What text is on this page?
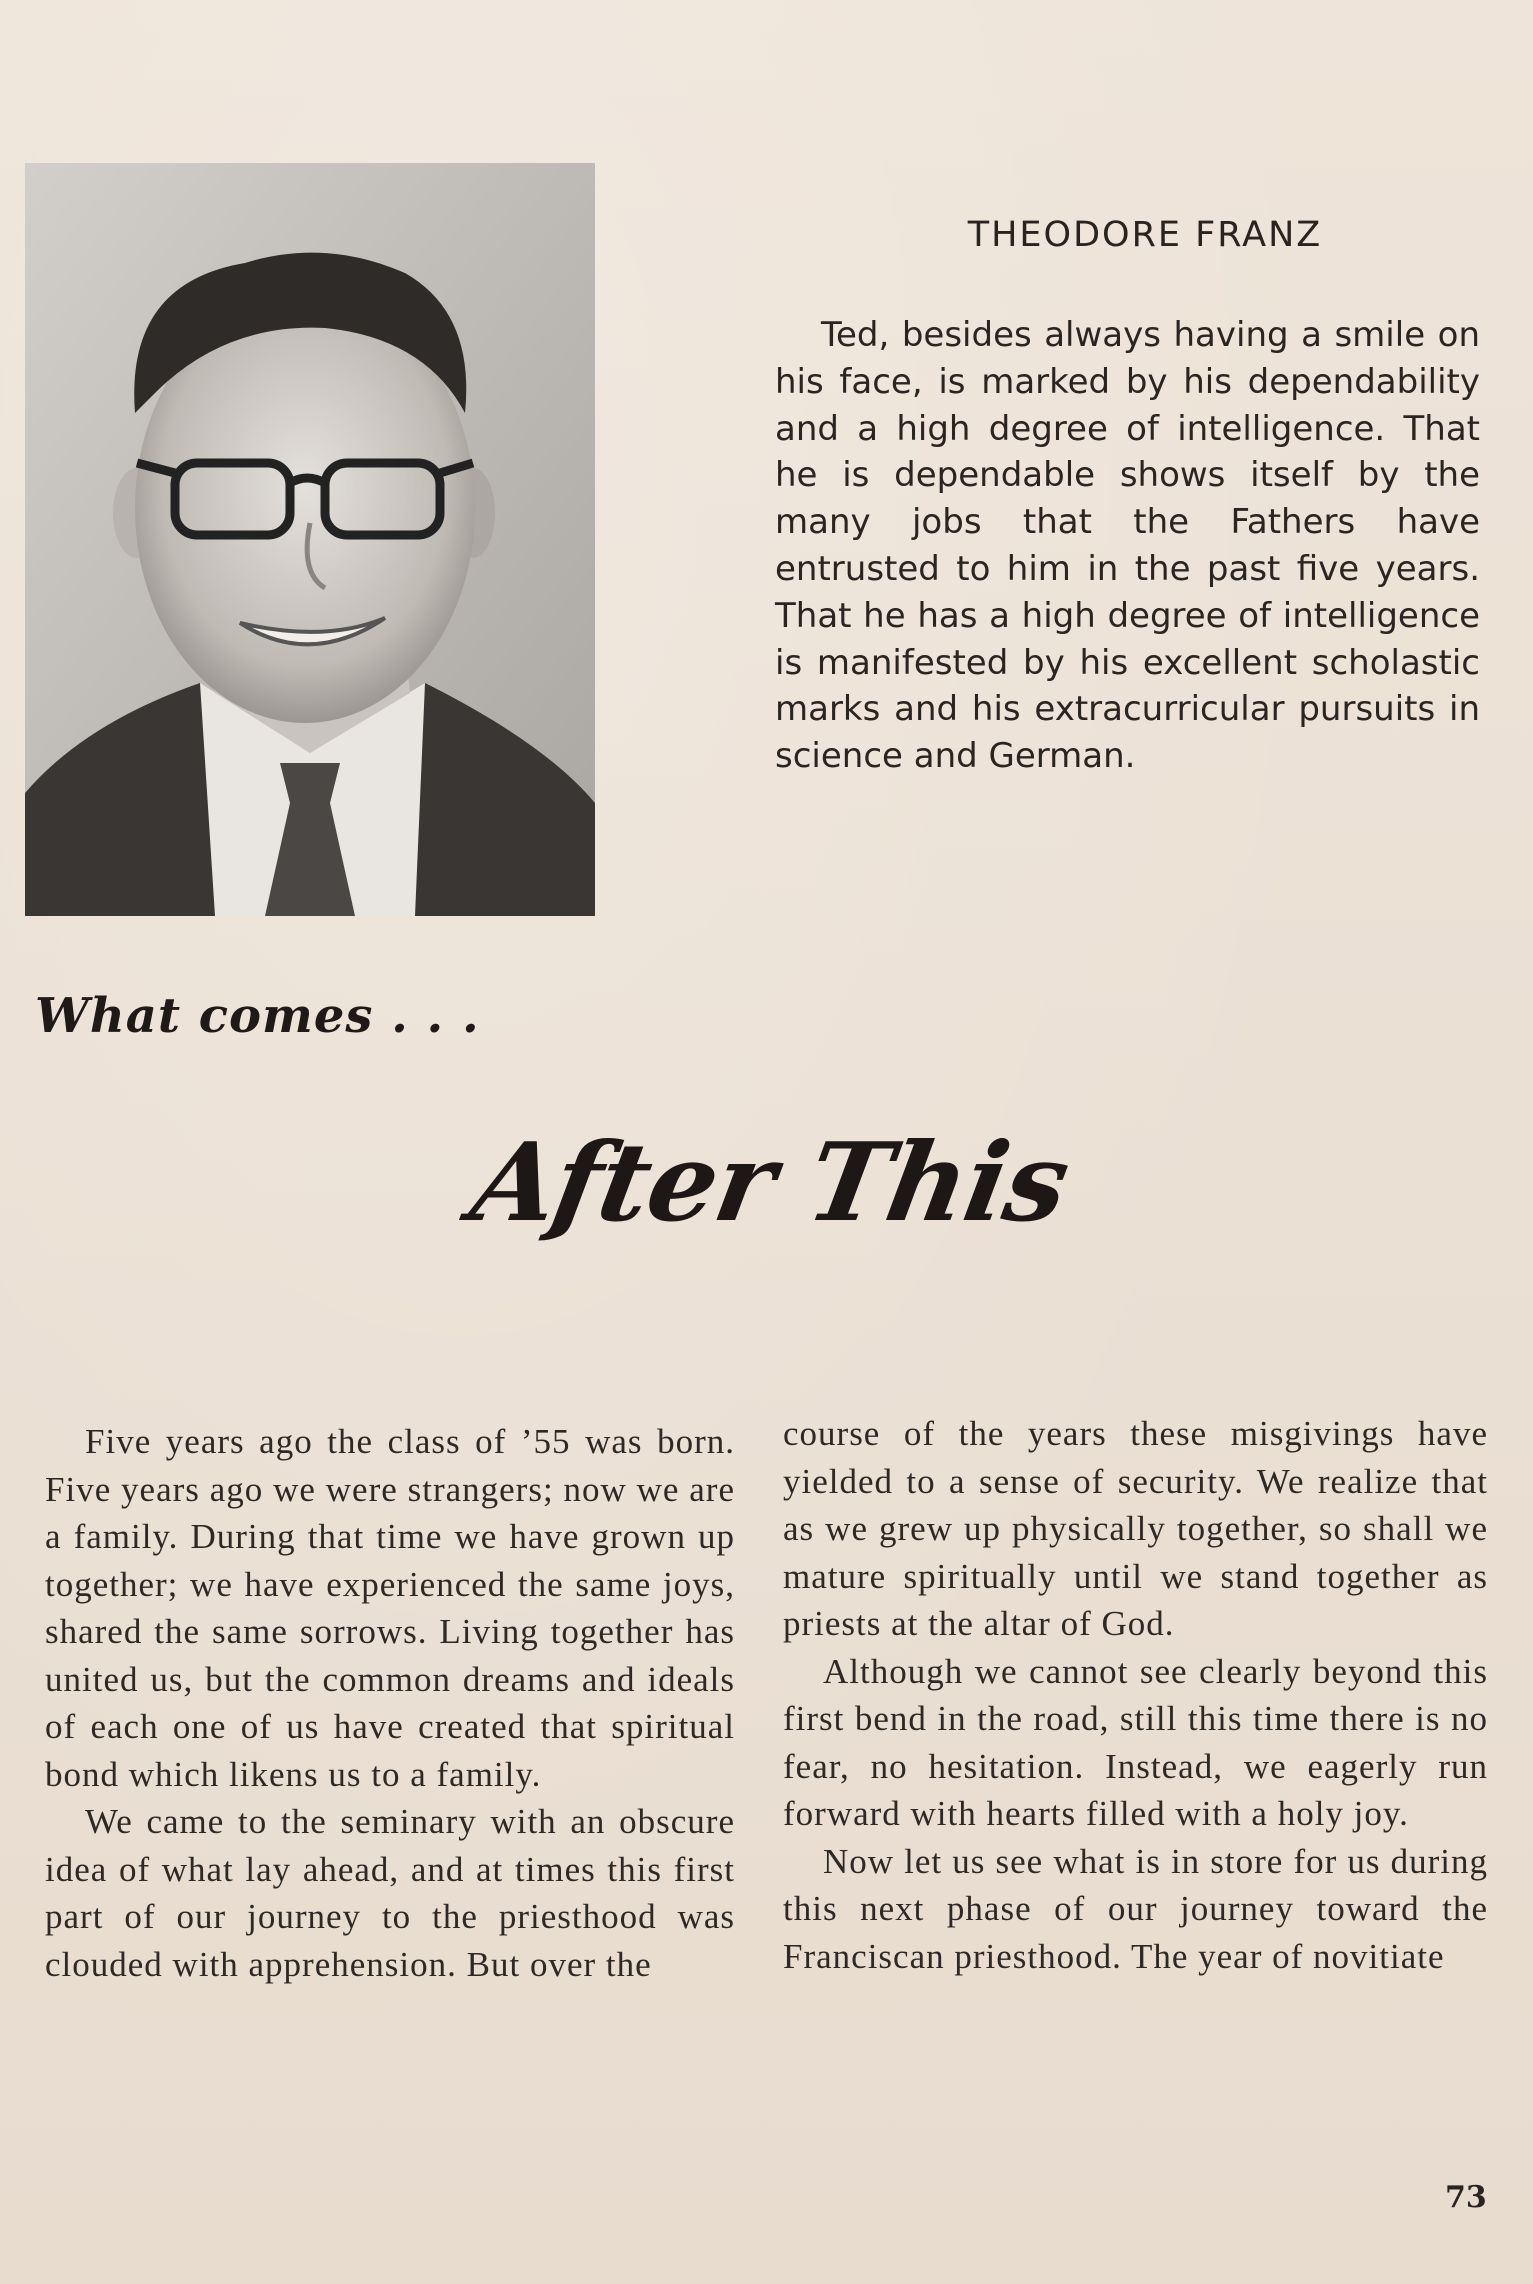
THEODORE FRANZ
Ted, besides always having a smile on his face, is marked by his dependability and a high degree of intelligence. That he is dependable shows itself by the many jobs that the Fathers have entrusted to him in the past five years. That he has a high degree of intelligence is manifested by his excellent scholastic marks and his extracurricular pursuits in science and German.
What comes . . .
After This

Five years ago the class of ’55 was born. Five years ago we were strangers; now we are a family. During that time we have grown up together; we have experienced the same joys, shared the same sorrows. Living together has united us, but the common dreams and ideals of each one of us have created that spiritual bond which likens us to a family.

We came to the seminary with an obscure idea of what lay ahead, and at times this first part of our journey to the priesthood was clouded with apprehension. But over the

course of the years these misgivings have yielded to a sense of security. We realize that as we grew up physically together, so shall we mature spiritually until we stand together as priests at the altar of God.

Although we cannot see clearly beyond this first bend in the road, still this time there is no fear, no hesitation. Instead, we eagerly run forward with hearts filled with a holy joy.

Now let us see what is in store for us during this next phase of our journey toward the Franciscan priesthood. The year of novitiate

73
